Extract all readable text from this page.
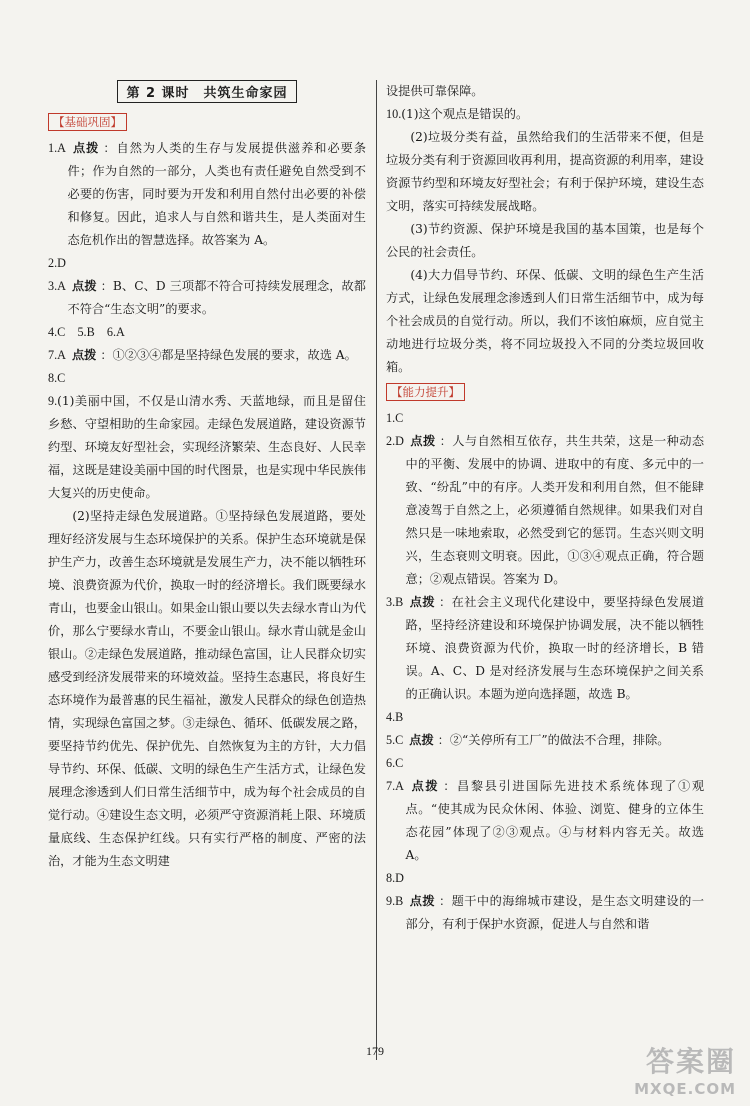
第 2 课时　共筑生命家园
【基础巩固】
1.A 点拨 ：自然为人类的生存与发展提供滋养和必要条件；作为自然的一部分，人类也有责任避免自然受到不必要的伤害，同时要为开发和利用自然付出必要的补偿和修复。因此，追求人与自然和谐共生，是人类面对生态危机作出的智慧选择。故答案为 A。
2.D
3.A 点拨 ：B、C、D 三项都不符合可持续发展理念，故都不符合“生态文明”的要求。
4.C　5.B　6.A
7.A 点拨 ：①②③④都是坚持绿色发展的要求，故选 A。
8.C
9.(1)美丽中国，不仅是山清水秀、天蓝地绿，而且是留住乡愁、守望相助的生命家园。走绿色发展道路，建设资源节约型、环境友好型社会，实现经济繁荣、生态良好、人民幸福，这既是建设美丽中国的时代图景，也是实现中华民族伟大复兴的历史使命。
(2)坚持走绿色发展道路。①坚持绿色发展道路，要处理好经济发展与生态环境保护的关系。保护生态环境就是保护生产力，改善生态环境就是发展生产力，决不能以牺牲环境、浪费资源为代价，换取一时的经济增长。我们既要绿水青山，也要金山银山。如果金山银山要以失去绿水青山为代价，那么宁要绿水青山，不要金山银山。绿水青山就是金山银山。②走绿色发展道路，推动绿色富国，让人民群众切实感受到经济发展带来的环境效益。坚持生态惠民，将良好生态环境作为最普惠的民生福祉，激发人民群众的绿色创造热情，实现绿色富国之梦。③走绿色、循环、低碳发展之路，要坚持节约优先、保护优先、自然恢复为主的方针，大力倡导节约、环保、低碳、文明的绿色生产生活方式，让绿色发展理念渗透到人们日常生活细节中，成为每个社会成员的自觉行动。④建设生态文明，必须严守资源消耗上限、环境质量底线、生态保护红线。只有实行严格的制度、严密的法治，才能为生态文明建
设提供可靠保障。
10.(1)这个观点是错误的。
(2)垃圾分类有益，虽然给我们的生活带来不便，但是垃圾分类有利于资源回收再利用，提高资源的利用率，建设资源节约型和环境友好型社会；有利于保护环境，建设生态文明，落实可持续发展战略。
(3)节约资源、保护环境是我国的基本国策，也是每个公民的社会责任。
(4)大力倡导节约、环保、低碳、文明的绿色生产生活方式，让绿色发展理念渗透到人们日常生活细节中，成为每个社会成员的自觉行动。所以，我们不该怕麻烦，应自觉主动地进行垃圾分类，将不同垃圾投入不同的分类垃圾回收箱。
【能力提升】
1.C
2.D 点拨 ：人与自然相互依存，共生共荣，这是一种动态中的平衡、发展中的协调、进取中的有度、多元中的一致、“纷乱”中的有序。人类开发和利用自然，但不能肆意凌驾于自然之上，必须遵循自然规律。如果我们对自然只是一味地索取，必然受到它的惩罚。生态兴则文明兴，生态衰则文明衰。因此，①③④观点正确，符合题意；②观点错误。答案为 D。
3.B 点拨 ：在社会主义现代化建设中，要坚持绿色发展道路，坚持经济建设和环境保护协调发展，决不能以牺牲环境、浪费资源为代价，换取一时的经济增长，B 错误。A、C、D 是对经济发展与生态环境保护之间关系的正确认识。本题为逆向选择题，故选 B。
4.B
5.C 点拨 ：②“关停所有工厂”的做法不合理，排除。
6.C
7.A 点拨 ：昌黎县引进国际先进技术系统体现了①观点。“使其成为民众休闲、体验、浏览、健身的立体生态花园”体现了②③观点。④与材料内容无关。故选 A。
8.D
9.B 点拨 ：题干中的海绵城市建设，是生态文明建设的一部分，有利于保护水资源，促进人与自然和谐
179	答案圈
MXQE.COM
